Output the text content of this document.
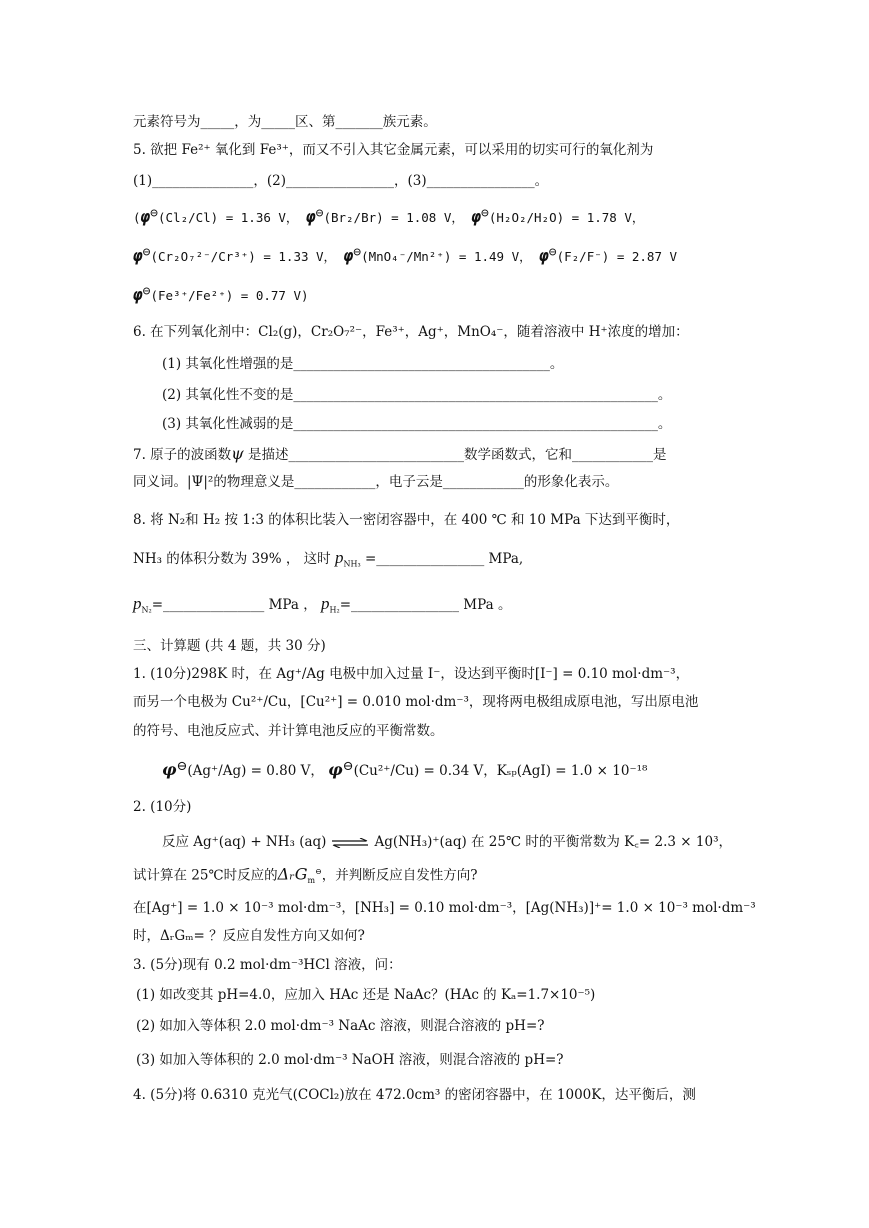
元素符号为_____，为_____区、第_______族元素。
5. 欲把 Fe²⁺ 氧化到 Fe³⁺，而又不引入其它金属元素，可以采用的切实可行的氧化剂为
(1)_______________，(2)________________，(3)________________。
(φ⊖(Cl₂/Cl) = 1.36 V， φ⊖(Br₂/Br) = 1.08 V， φ⊖(H₂O₂/H₂O) = 1.78 V，
φ⊖(Cr₂O₇²⁻/Cr³⁺) = 1.33 V， φ⊖(MnO₄⁻/Mn²⁺) = 1.49 V， φ⊖(F₂/F⁻) = 2.87 V
φ⊖(Fe³⁺/Fe²⁺) = 0.77 V)
6. 在下列氧化剂中：Cl₂(g)，Cr₂O₇²⁻，Fe³⁺，Ag⁺，MnO₄⁻，随着溶液中 H⁺浓度的增加：
(1) 其氧化性增强的是______________________________________。
(2) 其氧化性不变的是______________________________________________________。
(3) 其氧化性减弱的是______________________________________________________。
7. 原子的波函数ψ 是描述__________________________数学函数式，它和____________是
同义词。|Ψ|²的物理意义是____________，电子云是____________的形象化表示。
8. 将 N₂和 H₂ 按 1:3 的体积比装入一密闭容器中，在 400 ℃ 和 10 MPa 下达到平衡时，
NH₃ 的体积分数为 39% ， 这时 $p_{NH_3}$ =________________ MPa,
$p_{N_2}=\_\_\_\_\_\_\_\_\_\_\_\_\_\_\_$ MPa ， $p_{H_2}=\_\_\_\_\_\_\_\_\_\_\_\_\_\_\_\_$ MPa 。
三、计算题 (共 4 题，共 30 分)
1. (10分)298K 时，在 Ag⁺/Ag 电极中加入过量 I⁻，设达到平衡时[I⁻] = 0.10 mol·dm⁻³，
而另一个电极为 Cu²⁺/Cu，[Cu²⁺] = 0.010 mol·dm⁻³，现将两电极组成原电池，写出原电池
的符号、电池反应式、并计算电池反应的平衡常数。
φ⊖(Ag⁺/Ag) = 0.80 V， φ⊖(Cu²⁺/Cu) = 0.34 V，Kₛₚ(AgI) = 1.0 × 10⁻¹⁸
2. (10分)
反应 Ag⁺(aq) + NH₃ (aq) ⇌ Ag(NH₃)⁺(aq) 在 25℃ 时的平衡常数为 K꜀= 2.3 × 10³，
试计算在 25℃时反应的ΔᵣG$_m$⊖，并判断反应自发性方向?
在[Ag⁺] = 1.0 × 10⁻³ mol·dm⁻³，[NH₃] = 0.10 mol·dm⁻³，[Ag(NH₃)]⁺= 1.0 × 10⁻³ mol·dm⁻³
时，ΔᵣGₘ= ？反应自发性方向又如何?
3. (5分)现有 0.2 mol·dm⁻³HCl 溶液，问：
(1) 如改变其 pH=4.0，应加入 HAc 还是 NaAc？(HAc 的 Kₐ=1.7×10⁻⁵)
(2) 如加入等体积 2.0 mol·dm⁻³ NaAc 溶液，则混合溶液的 pH=?
(3) 如加入等体积的 2.0 mol·dm⁻³ NaOH 溶液，则混合溶液的 pH=?
4. (5分)将 0.6310 克光气(COCl₂)放在 472.0cm³ 的密闭容器中，在 1000K，达平衡后，测
